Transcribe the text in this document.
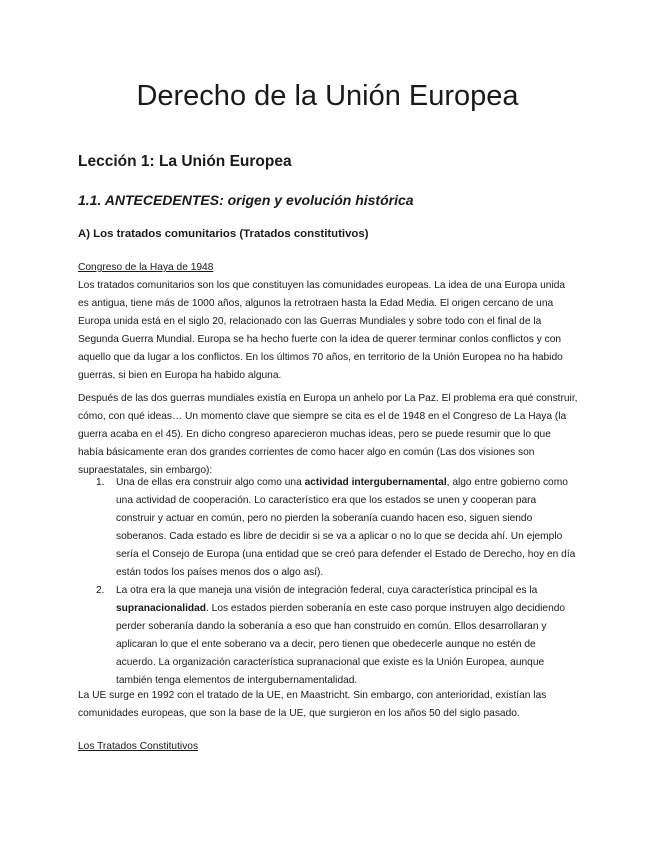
Derecho de la Unión Europea
Lección 1: La Unión Europea
1.1. ANTECEDENTES: origen y evolución histórica
A) Los tratados comunitarios (Tratados constitutivos)

Congreso de la Haya de 1948

Los tratados comunitarios son los que constituyen las comunidades europeas. La idea de una Europa unida es antigua, tiene más de 1000 años, algunos la retrotraen hasta la Edad Media. El origen cercano de una Europa unida está en el siglo 20, relacionado con las Guerras Mundiales y sobre todo con el final de la Segunda Guerra Mundial. Europa se ha hecho fuerte con la idea de querer terminar conlos conflictos y con aquello que da lugar a los conflictos. En los últimos 70 años, en territorio de la Unión Europea no ha habido guerras, si bien en Europa ha habido alguna.

Después de las dos guerras mundiales existía en Europa un anhelo por La Paz. El problema era qué construir, cómo, con qué ideas… Un momento clave que siempre se cita es el de 1948 en el Congreso de La Haya (la guerra acaba en el 45). En dicho congreso aparecieron muchas ideas, pero se puede resumir que lo que había básicamente eran dos grandes corrientes de como hacer algo en común (Las dos visiones son supraestatales, sin embargo):

1. Una de ellas era construir algo como una actividad intergubernamental, algo entre gobierno como una actividad de cooperación. Lo característico era que los estados se unen y cooperan para construir y actuar en común, pero no pierden la soberanía cuando hacen eso, siguen siendo soberanos. Cada estado es libre de decidir si se va a aplicar o no lo que se decida ahí. Un ejemplo sería el Consejo de Europa (una entidad que se creó para defender el Estado de Derecho, hoy en día están todos los países menos dos o algo así).
2. La otra era la que maneja una visión de integración federal, cuya característica principal es la supranacionalidad. Los estados pierden soberanía en este caso porque instruyen algo decidiendo perder soberanía dando la soberanía a eso que han construido en común. Ellos desarrollaran y aplicaran lo que el ente soberano va a decir, pero tienen que obedecerle aunque no estén de acuerdo. La organización característica supranacional que existe es la Unión Europea, aunque también tenga elementos de intergubernamentalidad.

La UE surge en 1992 con el tratado de la UE, en Maastricht. Sin embargo, con anterioridad, existían las comunidades europeas, que son la base de la UE, que surgieron en los años 50 del siglo pasado.

Los Tratados Constitutivos
